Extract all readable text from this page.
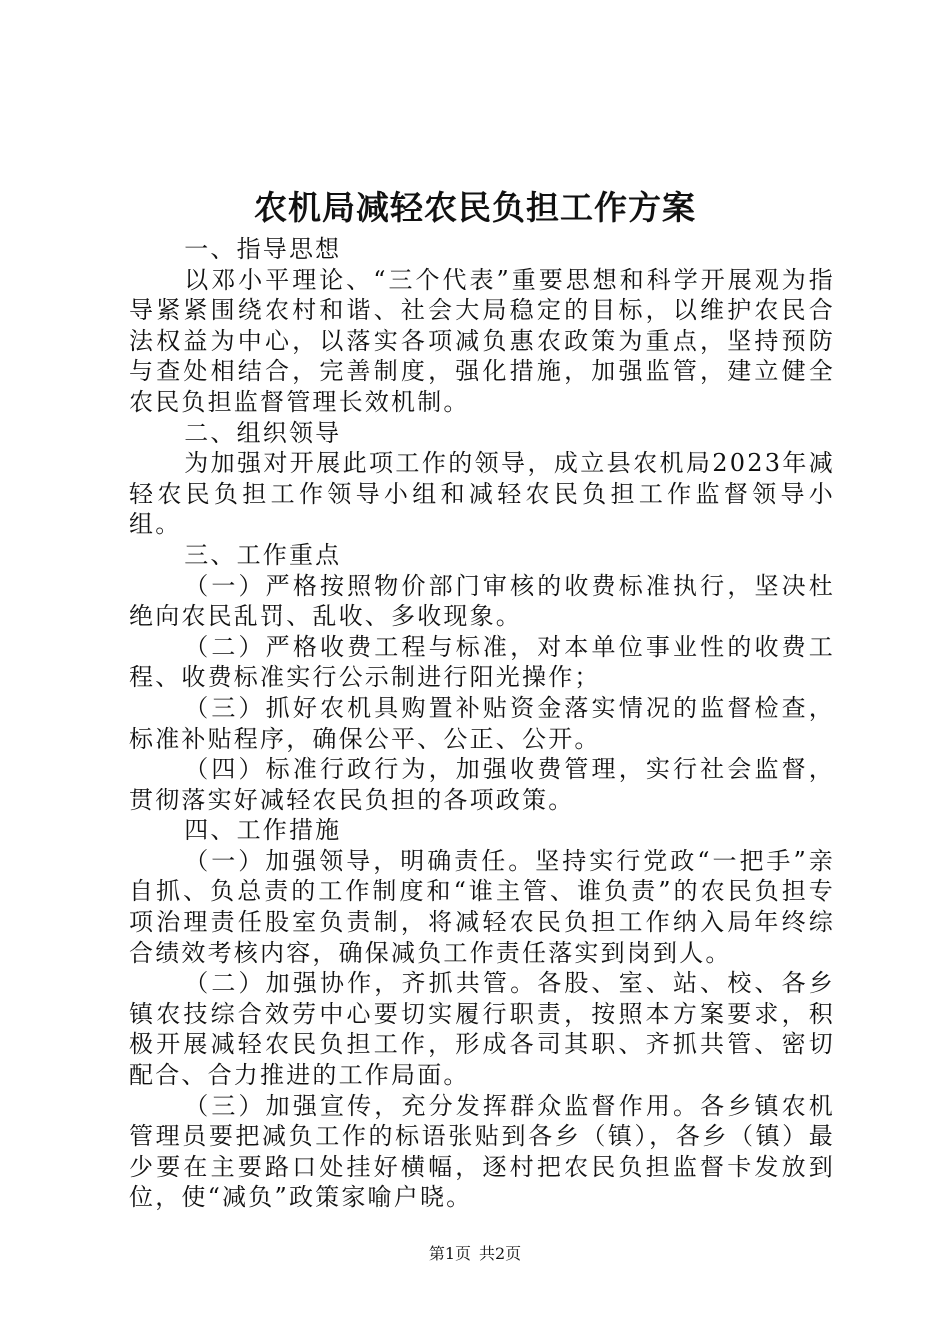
农机局减轻农民负担工作方案

一、指导思想

以邓小平理论、“三个代表”重要思想和科学开展观为指导紧紧围绕农村和谐、社会大局稳定的目标，以维护农民合法权益为中心，以落实各项减负惠农政策为重点，坚持预防与查处相结合，完善制度，强化措施，加强监管，建立健全农民负担监督管理长效机制。

二、组织领导

为加强对开展此项工作的领导，成立县农机局2023年减轻农民负担工作领导小组和减轻农民负担工作监督领导小组。

三、工作重点

（一）严格按照物价部门审核的收费标准执行，坚决杜绝向农民乱罚、乱收、多收现象。

（二）严格收费工程与标准，对本单位事业性的收费工程、收费标准实行公示制进行阳光操作；

（三）抓好农机具购置补贴资金落实情况的监督检查，标准补贴程序，确保公平、公正、公开。

（四）标准行政行为，加强收费管理，实行社会监督，贯彻落实好减轻农民负担的各项政策。

四、工作措施

（一）加强领导，明确责任。坚持实行党政“一把手”亲自抓、负总责的工作制度和“谁主管、谁负责”的农民负担专项治理责任股室负责制，将减轻农民负担工作纳入局年终综合绩效考核内容，确保减负工作责任落实到岗到人。

（二）加强协作，齐抓共管。各股、室、站、校、各乡镇农技综合效劳中心要切实履行职责，按照本方案要求，积极开展减轻农民负担工作，形成各司其职、齐抓共管、密切配合、合力推进的工作局面。

（三）加强宣传，充分发挥群众监督作用。各乡镇农机管理员要把减负工作的标语张贴到各乡（镇），各乡（镇）最少要在主要路口处挂好横幅，逐村把农民负担监督卡发放到位，使“减负”政策家喻户晓。

第1页 共2页
